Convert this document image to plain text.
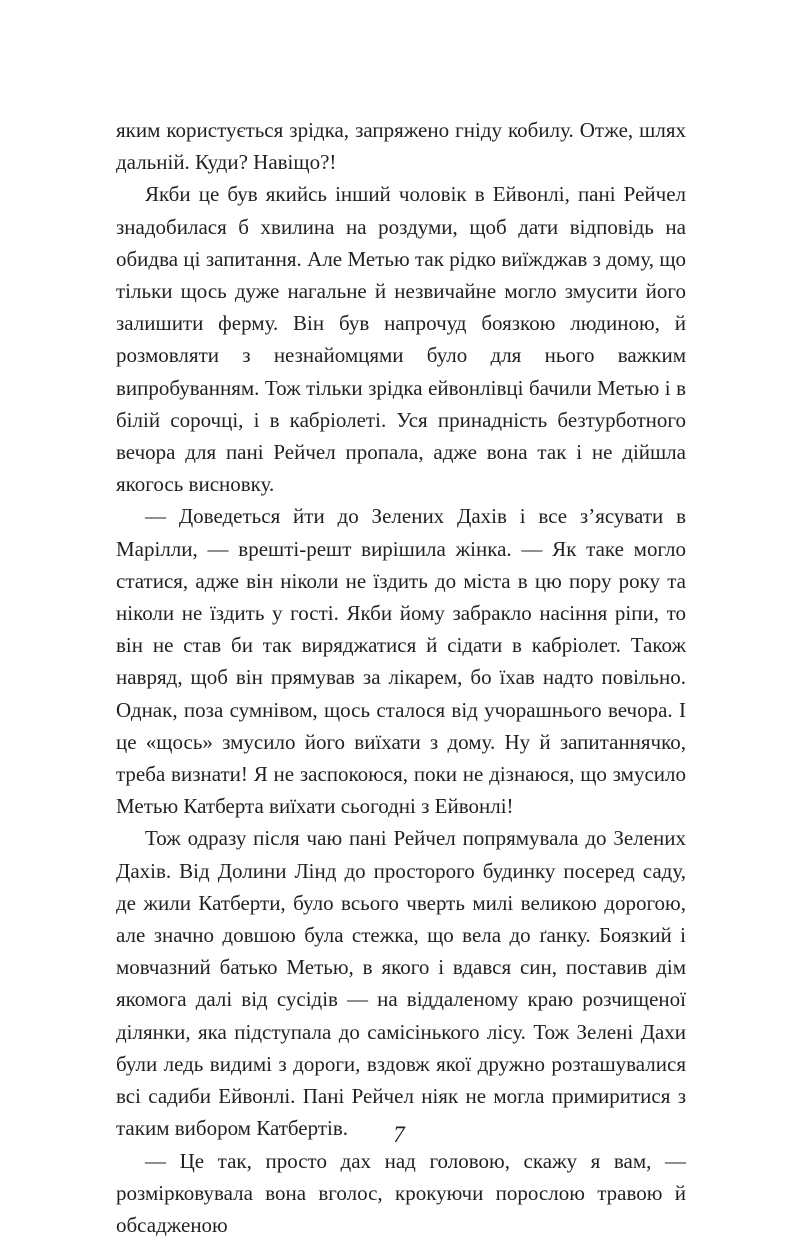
яким користується зрідка, запряжено гніду кобилу. Отже, шлях дальній. Куди? Навіщо?!

Якби це був якийсь інший чоловік в Ейвонлі, пані Рейчел знадобилася б хвилина на роздуми, щоб дати відповідь на обидва ці запитання. Але Метью так рідко виїжджав з дому, що тільки щось дуже нагальне й незвичайне могло змусити його залишити ферму. Він був напрочуд боязкою людиною, й розмовляти з незнайомцями було для нього важким випробуванням. Тож тільки зрідка ейвонлівці бачили Метью і в білій сорочці, і в кабріолеті. Уся принадність безтурботного вечора для пані Рейчел пропала, адже вона так і не дійшла якогось висновку.

— Доведеться йти до Зелених Дахів і все з’ясувати в Марілли, — врешті-решт вирішила жінка. — Як таке могло статися, адже він ніколи не їздить до міста в цю пору року та ніколи не їздить у гості. Якби йому забракло насіння ріпи, то він не став би так виряджатися й сідати в кабріолет. Також навряд, щоб він прямував за лікарем, бо їхав надто повільно. Однак, поза сумнівом, щось сталося від учорашнього вечора. І це «щось» змусило його виїхати з дому. Ну й запитаннячко, треба визнати! Я не заспокоюся, поки не дізнаюся, що змусило Метью Катберта виїхати сьогодні з Ейвонлі!

Тож одразу після чаю пані Рейчел попрямувала до Зелених Дахів. Від Долини Лінд до просторого будинку посеред саду, де жили Катберти, було всього чверть милі великою дорогою, але значно довшою була стежка, що вела до ґанку. Боязкий і мовчазний батько Метью, в якого і вдався син, поставив дім якомога далі від сусідів — на віддаленому краю розчищеної ділянки, яка підступала до самісінького лісу. Тож Зелені Дахи були ледь видимі з дороги, вздовж якої дружно розташувалися всі садиби Ейвонлі. Пані Рейчел ніяк не могла примиритися з таким вибором Катбертів.

— Це так, просто дах над головою, скажу я вам, — розмірковувала вона вголос, крокуючи порослою травою й обсадженою

7
